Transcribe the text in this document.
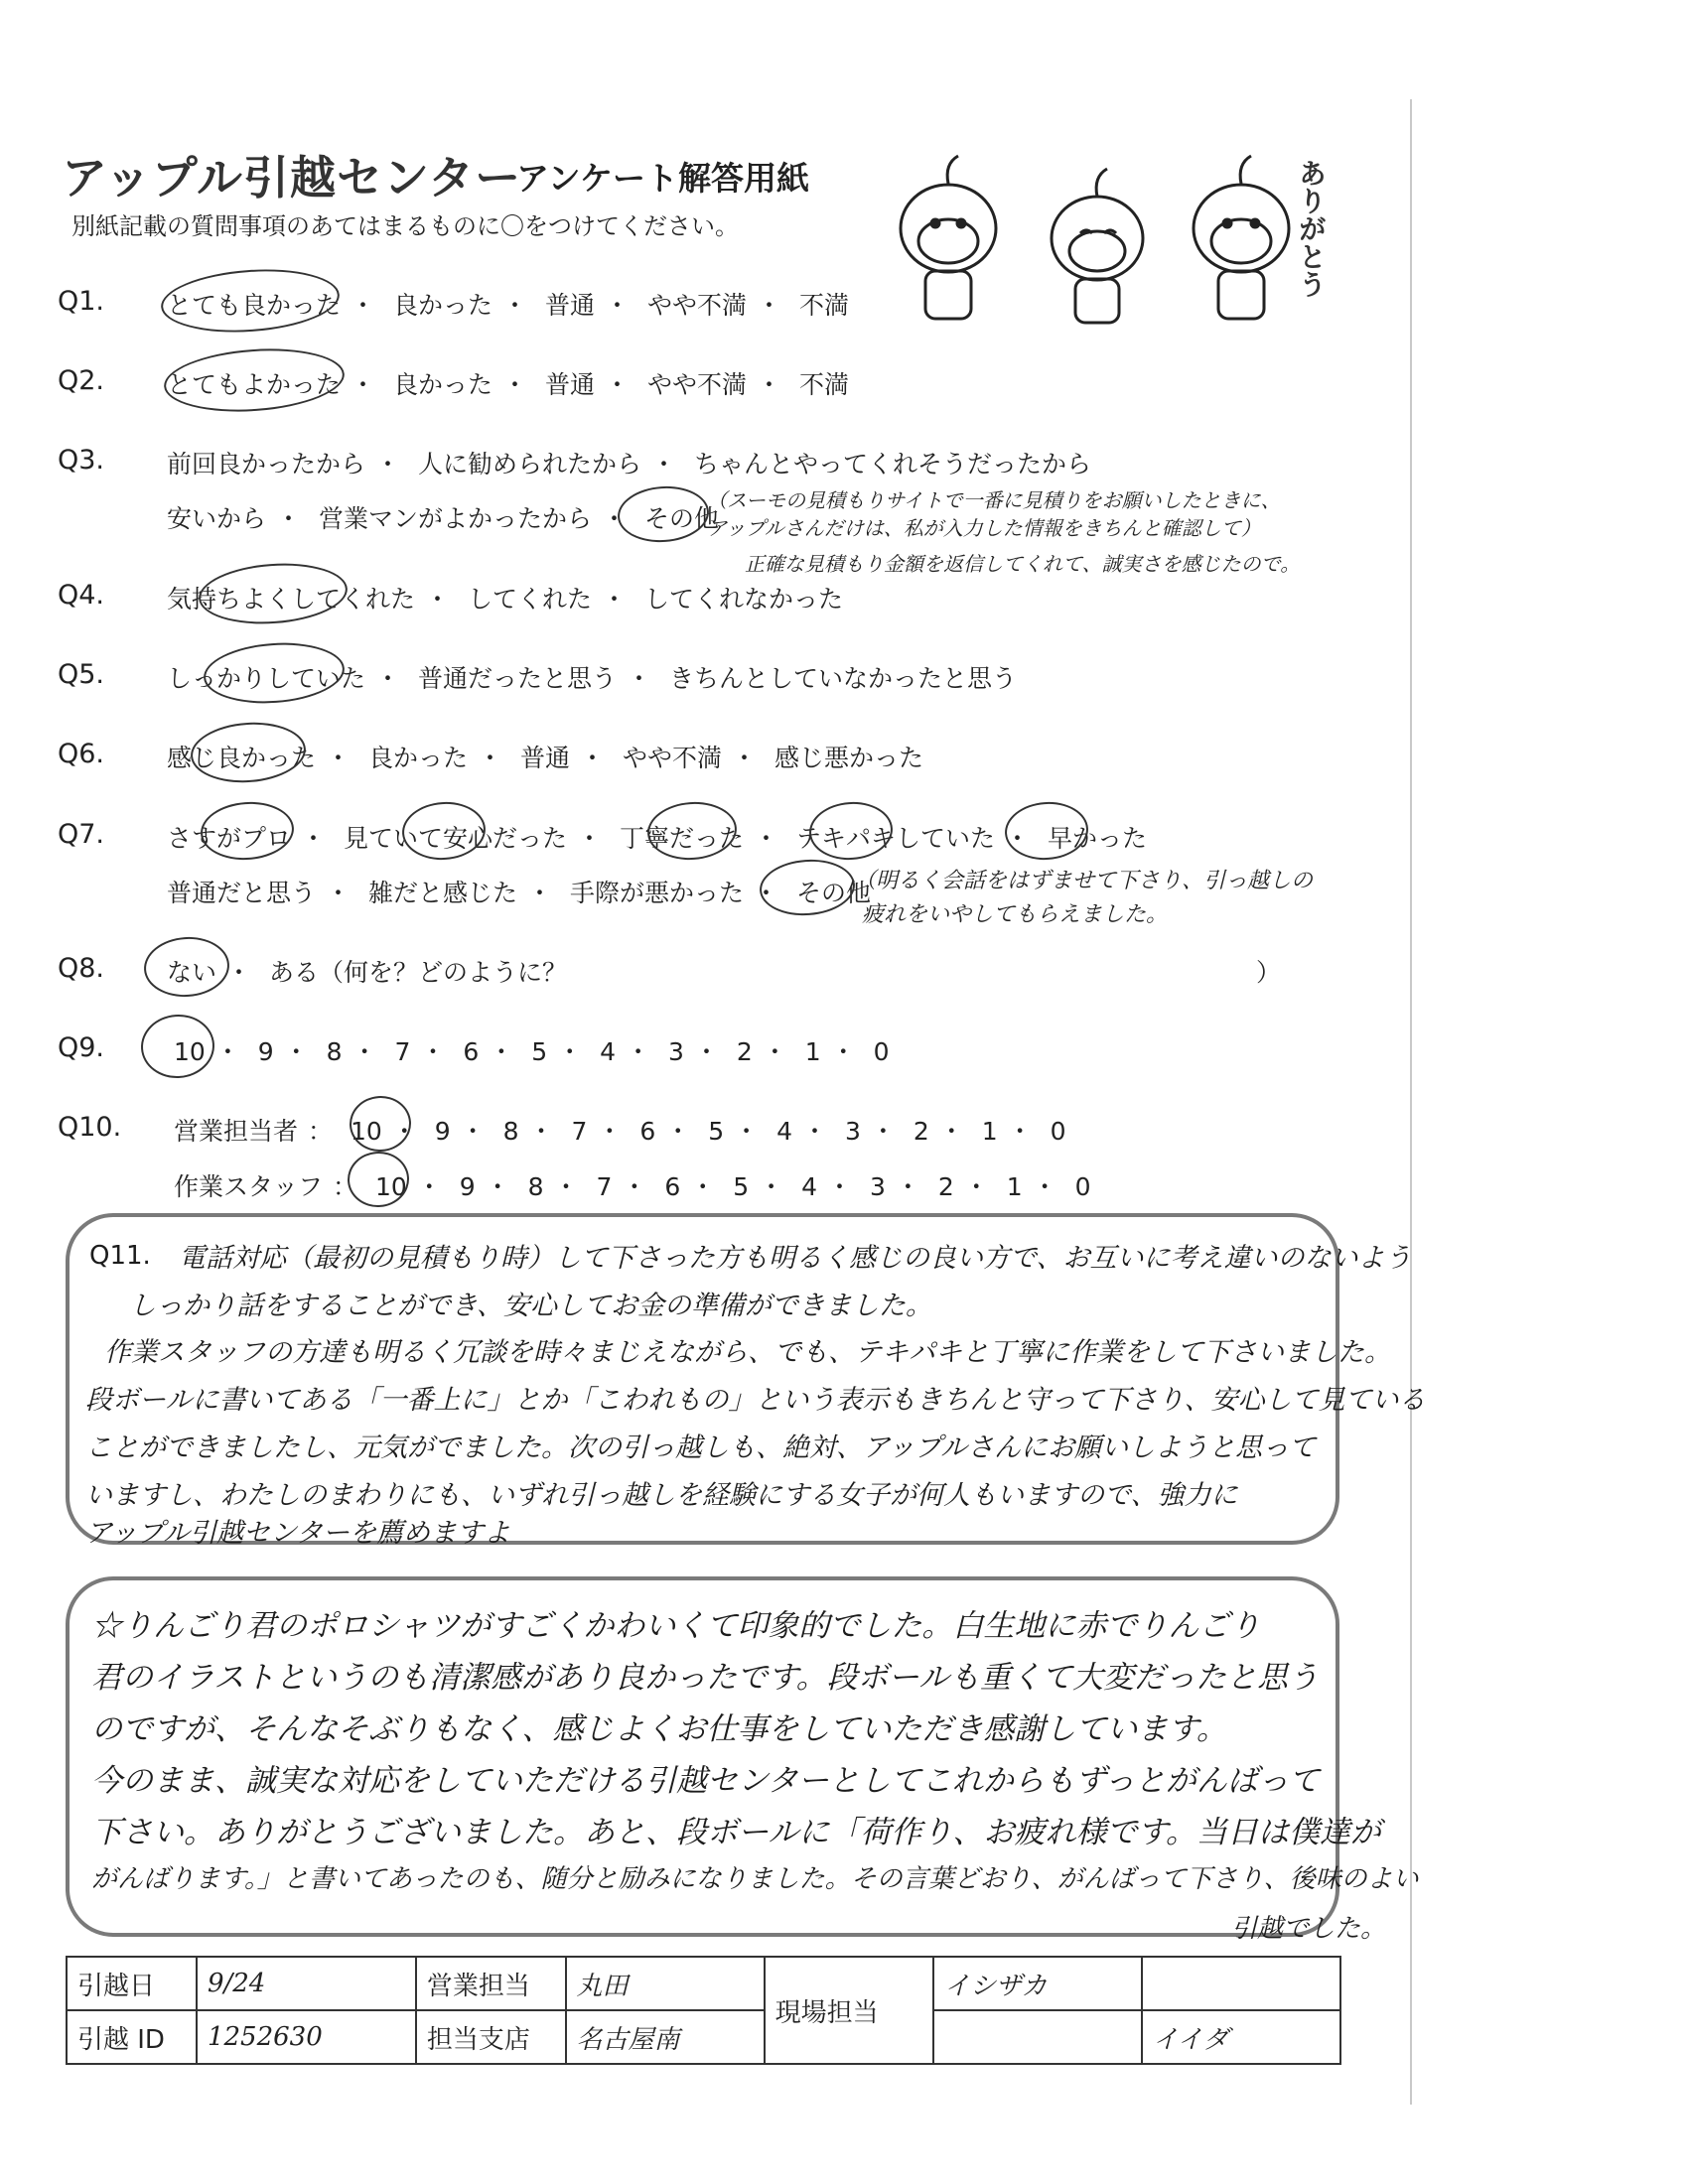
アップル引越センター
アンケート解答用紙
別紙記載の質問事項のあてはまるものに〇をつけてください。	ありがとう
Q1.	とても良かった ・ 良かった ・ 普通 ・ やや不満 ・ 不満
Q2.	とてもよかった ・ 良かった ・ 普通 ・ やや不満 ・ 不満
Q3.	前回良かったから ・ 人に勧められたから ・ ちゃんとやってくれそうだったから
安いから ・ 営業マンがよかったから ・ その他
（スーモの見積もりサイトで一番に見積りをお願いしたときに、
アップルさんだけは、私が入力した情報をきちんと確認して）
正確な見積もり金額を返信してくれて、誠実さを感じたので。
Q4.	気持ちよくしてくれた ・ してくれた ・ してくれなかった
Q5.	しっかりしていた ・ 普通だったと思う ・ きちんとしていなかったと思う
Q6.	感じ良かった ・ 良かった ・ 普通 ・ やや不満 ・ 感じ悪かった
Q7.	さすがプロ ・ 見ていて安心だった ・ 丁寧だった ・ テキパキしていた ・ 早かった
普通だと思う ・ 雑だと感じた ・ 手際が悪かった ・ その他
（明るく会話をはずませて下さり、引っ越しの
疲れをいやしてもらえました。
Q8.	ない ・ ある（何を？どのように？	）
Q9.	10 ・ 9 ・ 8 ・ 7 ・ 6 ・ 5 ・ 4 ・ 3 ・ 2 ・ 1 ・ 0
Q10. 営業担当者 ： 10 ・ 9 ・ 8 ・ 7 ・ 6 ・ 5 ・ 4 ・ 3 ・ 2 ・ 1 ・ 0
作業スタッフ ： 10 ・ 9 ・ 8 ・ 7 ・ 6 ・ 5 ・ 4 ・ 3 ・ 2 ・ 1 ・ 0
Q11. 電話対応（最初の見積もり時）して下さった方も明るく感じの良い方で、お互いに考え違いのないよう
しっかり話をすることができ、安心してお金の準備ができました。
作業スタッフの方達も明るく冗談を時々まじえながら、でも、テキパキと丁寧に作業をして下さいました。
段ボールに書いてある「一番上に」とか「こわれもの」という表示もきちんと守って下さり、安心して見ている
ことができましたし、元気がでました。次の引っ越しも、絶対、アップルさんにお願いしようと思って
いますし、わたしのまわりにも、いずれ引っ越しを経験にする女子が何人もいますので、強力に
アップル引越センターを薦めますよ
☆りんごり君のポロシャツがすごくかわいくて印象的でした。白生地に赤でりんごり
君のイラストというのも清潔感があり良かったです。段ボールも重くて大変だったと思う
のですが、そんなそぶりもなく、感じよくお仕事をしていただき感謝しています。
今のまま、誠実な対応をしていただける引越センターとしてこれからもずっとがんばって
下さい。ありがとうございました。あと、段ボールに「荷作り、お疲れ様です。当日は僕達が
がんばります。」と書いてあったのも、随分と励みになりました。その言葉どおり、がんばって下さり、後味のよい
引越でした。
引越日	9/24	営業担当	丸田	現場担当	イシザカ	
引越 ID	1252630	担当支店	名古屋南			イイダ
